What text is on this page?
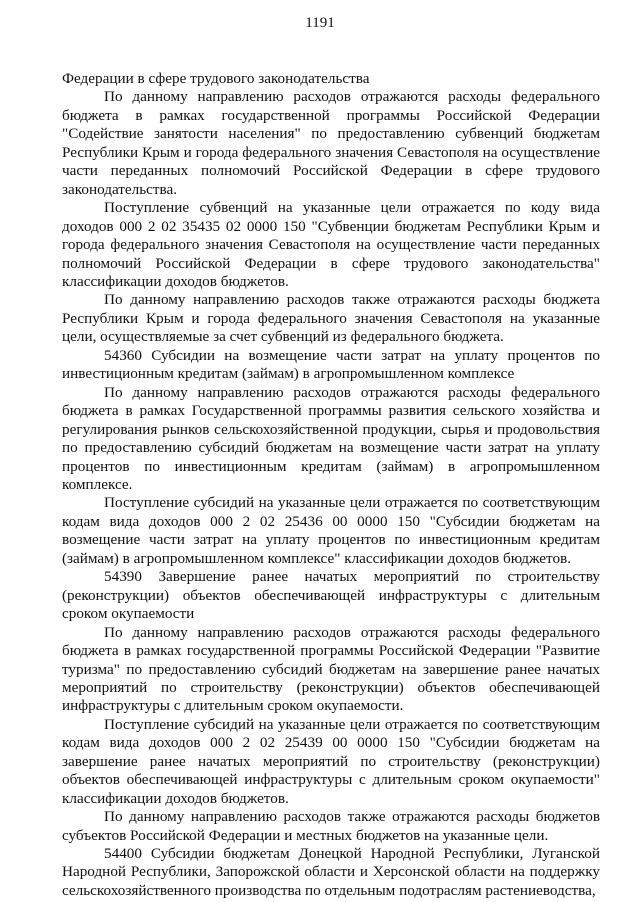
1191

Федерации в сфере трудового законодательства

По данному направлению расходов отражаются расходы федерального бюджета в рамках государственной программы Российской Федерации "Содействие занятости населения" по предоставлению субвенций бюджетам Республики Крым и города федерального значения Севастополя на осуществление части переданных полномочий Российской Федерации в сфере трудового законодательства.

Поступление субвенций на указанные цели отражается по коду вида доходов 000 2 02 35435 02 0000 150 "Субвенции бюджетам Республики Крым и города федерального значения Севастополя на осуществление части переданных полномочий Российской Федерации в сфере трудового законодательства" классификации доходов бюджетов.

По данному направлению расходов также отражаются расходы бюджета Республики Крым и города федерального значения Севастополя на указанные цели, осуществляемые за счет субвенций из федерального бюджета.

54360 Субсидии на возмещение части затрат на уплату процентов по инвестиционным кредитам (займам) в агропромышленном комплексе

По данному направлению расходов отражаются расходы федерального бюджета в рамках Государственной программы развития сельского хозяйства и регулирования рынков сельскохозяйственной продукции, сырья и продовольствия по предоставлению субсидий бюджетам на возмещение части затрат на уплату процентов по инвестиционным кредитам (займам) в агропромышленном комплексе.

Поступление субсидий на указанные цели отражается по соответствующим кодам вида доходов 000 2 02 25436 00 0000 150 "Субсидии бюджетам на возмещение части затрат на уплату процентов по инвестиционным кредитам (займам) в агропромышленном комплексе" классификации доходов бюджетов.

54390 Завершение ранее начатых мероприятий по строительству (реконструкции) объектов обеспечивающей инфраструктуры с длительным сроком окупаемости

По данному направлению расходов отражаются расходы федерального бюджета в рамках государственной программы Российской Федерации "Развитие туризма" по предоставлению субсидий бюджетам на завершение ранее начатых мероприятий по строительству (реконструкции) объектов обеспечивающей инфраструктуры с длительным сроком окупаемости.

Поступление субсидий на указанные цели отражается по соответствующим кодам вида доходов 000 2 02 25439 00 0000 150 "Субсидии бюджетам на завершение ранее начатых мероприятий по строительству (реконструкции) объектов обеспечивающей инфраструктуры с длительным сроком окупаемости" классификации доходов бюджетов.

По данному направлению расходов также отражаются расходы бюджетов субъектов Российской Федерации и местных бюджетов на указанные цели.

54400 Субсидии бюджетам Донецкой Народной Республики, Луганской Народной Республики, Запорожской области и Херсонской области на поддержку сельскохозяйственного производства по отдельным подотраслям растениеводства,
